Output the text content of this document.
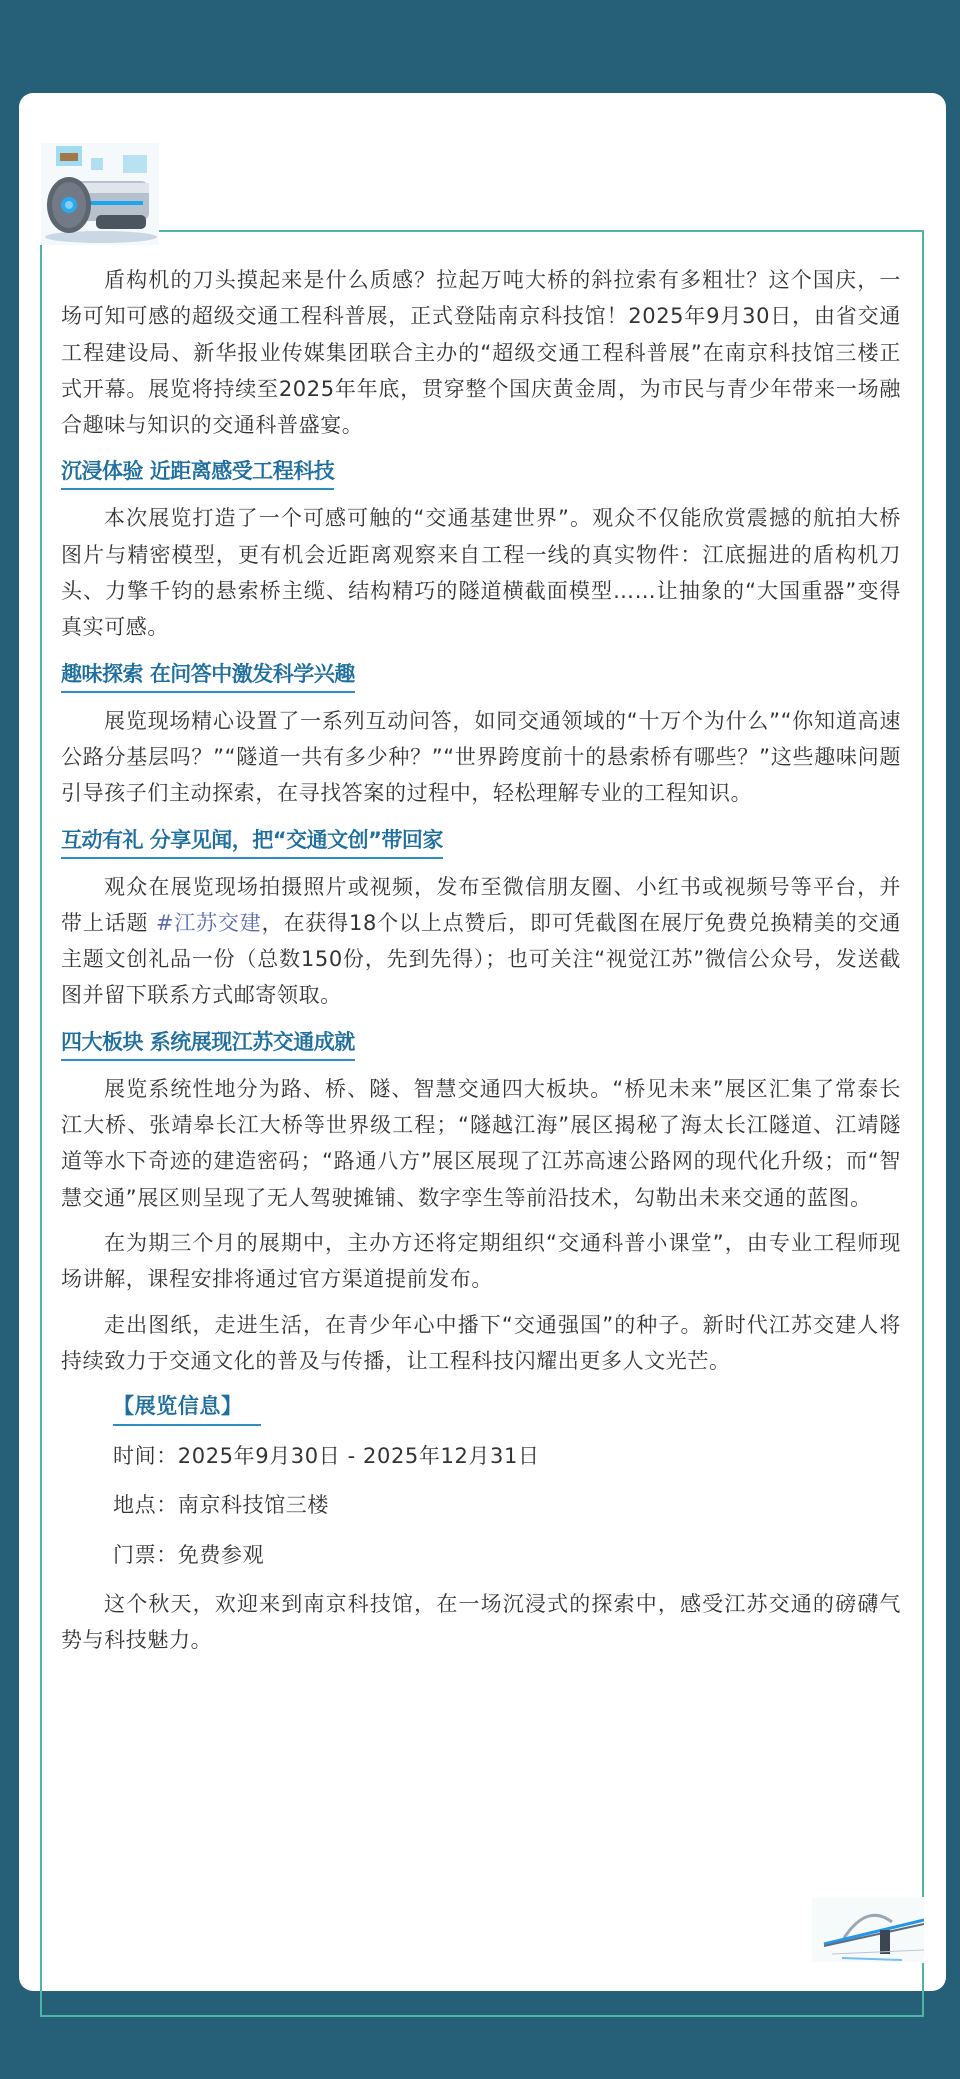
盾构机的刀头摸起来是什么质感？拉起万吨大桥的斜拉索有多粗壮？这个国庆，一场可知可感的超级交通工程科普展，正式登陆南京科技馆！2025年9月30日，由省交通工程建设局、新华报业传媒集团联合主办的“超级交通工程科普展”在南京科技馆三楼正式开幕。展览将持续至2025年年底，贯穿整个国庆黄金周，为市民与青少年带来一场融合趣味与知识的交通科普盛宴。

沉浸体验 近距离感受工程科技

本次展览打造了一个可感可触的“交通基建世界”。观众不仅能欣赏震撼的航拍大桥图片与精密模型，更有机会近距离观察来自工程一线的真实物件：江底掘进的盾构机刀头、力擎千钧的悬索桥主缆、结构精巧的隧道横截面模型……让抽象的“大国重器”变得真实可感。

趣味探索 在问答中激发科学兴趣

展览现场精心设置了一系列互动问答，如同交通领域的“十万个为什么”“你知道高速公路分基层吗？”“隧道一共有多少种？”“世界跨度前十的悬索桥有哪些？”这些趣味问题引导孩子们主动探索，在寻找答案的过程中，轻松理解专业的工程知识。

互动有礼 分享见闻，把“交通文创”带回家

观众在展览现场拍摄照片或视频，发布至微信朋友圈、小红书或视频号等平台，并带上话题 #江苏交建，在获得18个以上点赞后，即可凭截图在展厅免费兑换精美的交通主题文创礼品一份（总数150份，先到先得）；也可关注“视觉江苏”微信公众号，发送截图并留下联系方式邮寄领取。

四大板块 系统展现江苏交通成就

展览系统性地分为路、桥、隧、智慧交通四大板块。“桥见未来”展区汇集了常泰长江大桥、张靖皋长江大桥等世界级工程；“隧越江海”展区揭秘了海太长江隧道、江靖隧道等水下奇迹的建造密码；“路通八方”展区展现了江苏高速公路网的现代化升级；而“智慧交通”展区则呈现了无人驾驶摊铺、数字孪生等前沿技术，勾勒出未来交通的蓝图。

在为期三个月的展期中，主办方还将定期组织“交通科普小课堂”，由专业工程师现场讲解，课程安排将通过官方渠道提前发布。

走出图纸，走进生活，在青少年心中播下“交通强国”的种子。新时代江苏交建人将持续致力于交通文化的普及与传播，让工程科技闪耀出更多人文光芒。

【展览信息】
时间：2025年9月30日 - 2025年12月31日
地点：南京科技馆三楼
门票：免费参观

这个秋天，欢迎来到南京科技馆，在一场沉浸式的探索中，感受江苏交通的磅礴气势与科技魅力。
